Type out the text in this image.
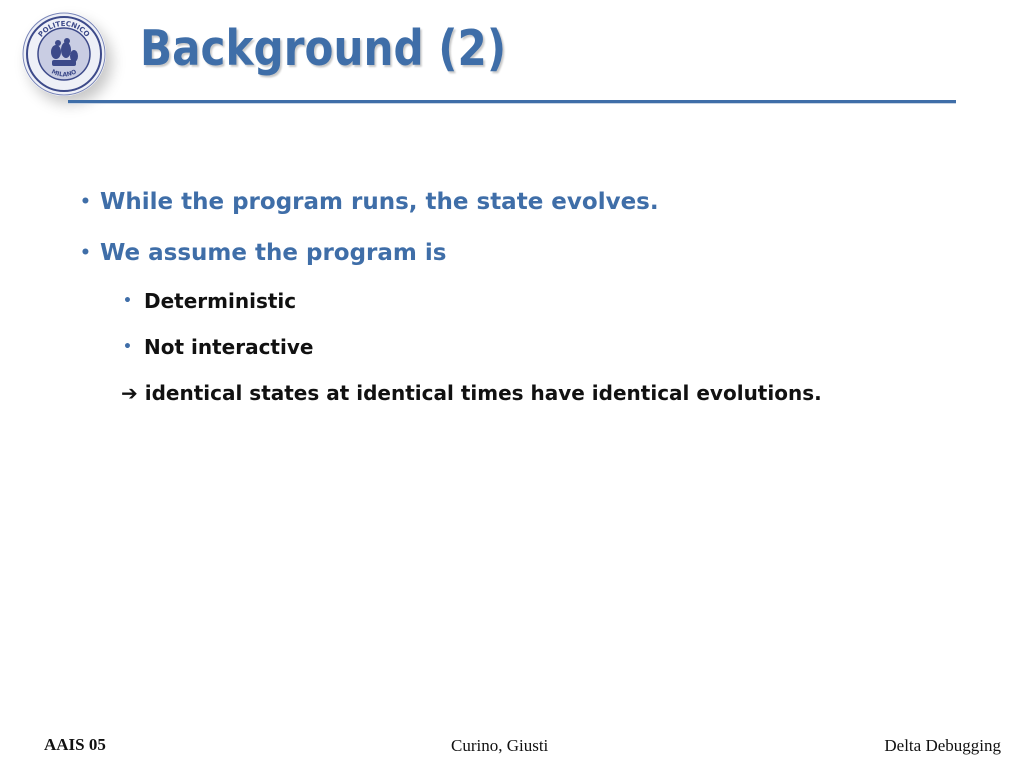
POLITECNICO
MILANO Background (2)
• While the program runs, the state evolves.
• We assume the program is
• Deterministic
• Not interactive
➔ identical states at identical times have identical evolutions.
AAIS 05	Curino, Giusti	Delta Debugging
